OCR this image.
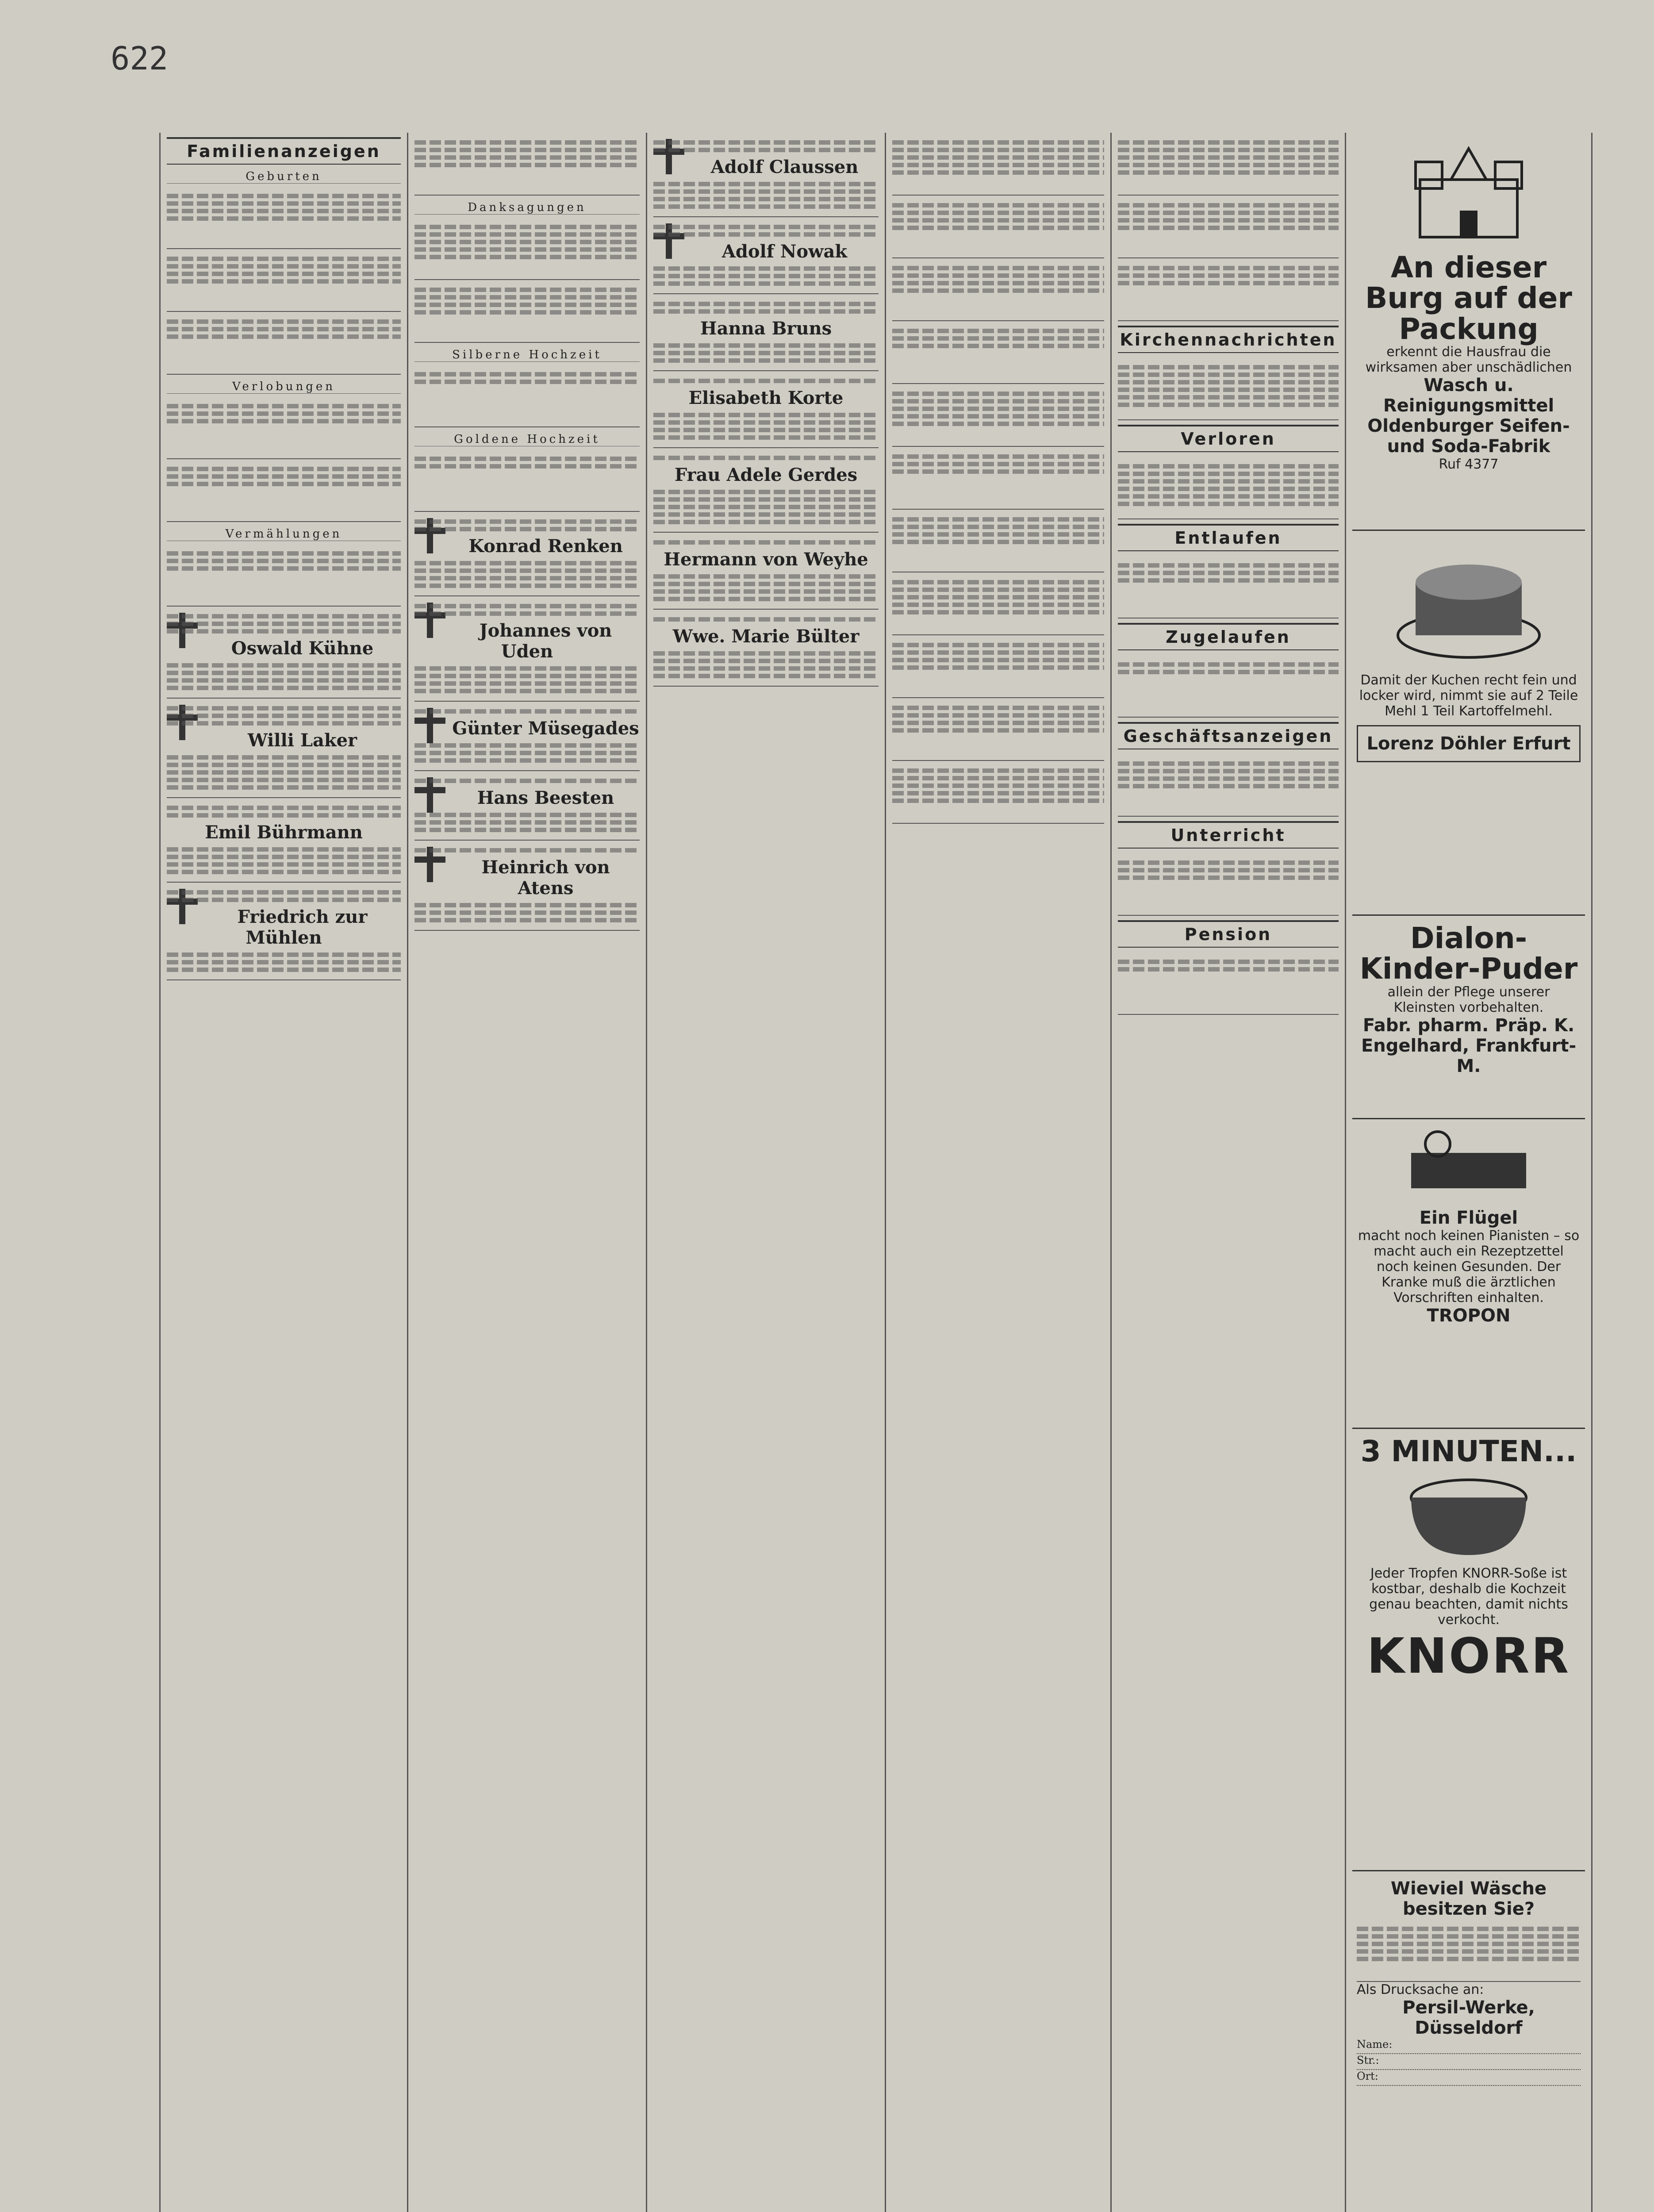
622
Familienanzeigen
Geburten
Verlobungen
Vermählungen
Oswald Kühne
Willi Laker
Emil Bührmann
Friedrich zur Mühlen
Danksagungen
Silberne Hochzeit
Goldene Hochzeit
Konrad Renken
Johannes von Uden
Günter Müsegades
Hans Beesten
Heinrich von Atens
Adolf Claussen
Adolf Nowak
Hanna Bruns
Elisabeth Korte
Frau Adele Gerdes
Hermann von Weyhe
Wwe. Marie Bülter
Kirchennachrichten
Verloren
Entlaufen
Zugelaufen
Geschäftsanzeigen
Unterricht
Pension
An dieser Burg auf der Packung
erkennt die Hausfrau die wirksamen aber unschädlichen
Wasch u. Reinigungsmittel
Oldenburger Seifen- und Soda-Fabrik
Ruf 4377
Damit der Kuchen recht fein und locker wird, nimmt sie auf 2 Teile Mehl 1 Teil Kartoffelmehl.
Lorenz Döhler Erfurt
Dialon-Kinder-Puder
allein der Pflege unserer Kleinsten vorbehalten.
Fabr. pharm. Präp. K. Engelhard, Frankfurt-M.
Ein Flügel
macht noch keinen Pianisten – so macht auch ein Rezeptzettel noch keinen Gesunden. Der Kranke muß die ärztlichen Vorschriften einhalten.
TROPON
3 MINUTEN...
Jeder Tropfen KNORR-Soße ist kostbar, deshalb die Kochzeit genau beachten, damit nichts verkocht.
KNORR
Wieviel Wäsche besitzen Sie?
Als Drucksache an:
Persil-Werke, Düsseldorf
Name:
Str.:
Ort:
